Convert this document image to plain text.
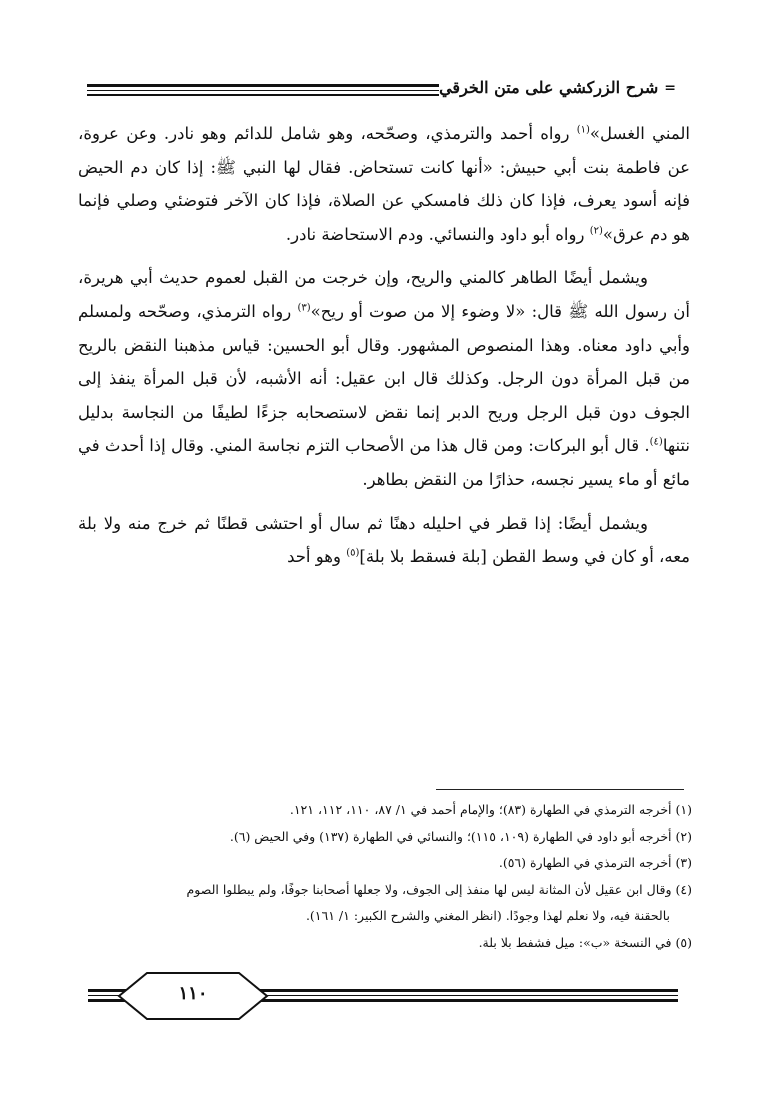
=
شرح الزركشي على متن الخرقي

المني الغسل»$^{(١)}$ رواه أحمد والترمذي، وصحّحه، وهو شامل للدائم وهو نادر. وعن عروة، عن فاطمة بنت أبي حبيش: «أنها كانت تستحاض. فقال لها النبي ﷺ: إذا كان دم الحيض فإنه أسود يعرف، فإذا كان ذلك فامسكي عن الصلاة، فإذا كان الآخر فتوضئي وصلي فإنما هو دم عرق»$^{(٢)}$ رواه أبو داود والنسائي. ودم الاستحاضة نادر.

ويشمل أيضًا الطاهر كالمني والريح، وإن خرجت من القبل لعموم حديث أبي هريرة، أن رسول الله ﷺ قال: «لا وضوء إلا من صوت أو ريح»$^{(٣)}$ رواه الترمذي، وصحّحه ولمسلم وأبي داود معناه. وهذا المنصوص المشهور. وقال أبو الحسين: قياس مذهبنا النقض بالريح من قبل المرأة دون الرجل. وكذلك قال ابن عقيل: أنه الأشبه، لأن قبل المرأة ينفذ إلى الجوف دون قبل الرجل وريح الدبر إنما نقض لاستصحابه جزءًا لطيفًا من النجاسة بدليل نتنها$^{(٤)}$. قال أبو البركات: ومن قال هذا من الأصحاب التزم نجاسة المني. وقال إذا أحدث في مائع أو ماء يسير نجسه، حذارًا من النقض بطاهر.

ويشمل أيضًا: إذا قطر في احليله دهنًا ثم سال أو احتشى قطنًا ثم خرج منه ولا بلة معه، أو كان في وسط القطن [بلة فسقط بلا بلة]$^{(٥)}$ وهو أحد

(١) أخرجه الترمذي في الطهارة (٨٣)؛ والإمام أحمد في ١/ ٨٧، ١١٠، ١١٢، ١٢١.

(٢) أخرجه أبو داود في الطهارة (١٠٩، ١١٥)؛ والنسائي في الطهارة (١٣٧) وفي الحيض (٦).

(٣) أخرجه الترمذي في الطهارة (٥٦).

(٤) وقال ابن عقيل لأن المثانة ليس لها منفذ إلى الجوف، ولا جعلها أصحابنا جوفًا، ولم يبطلوا الصوم

بالحقنة فيه، ولا نعلم لهذا وجودًا. (انظر المغني والشرح الكبير: ١/ ١٦١).

(٥) في النسخة «ب»: ميل فشفط بلا بلة.

١١٠
